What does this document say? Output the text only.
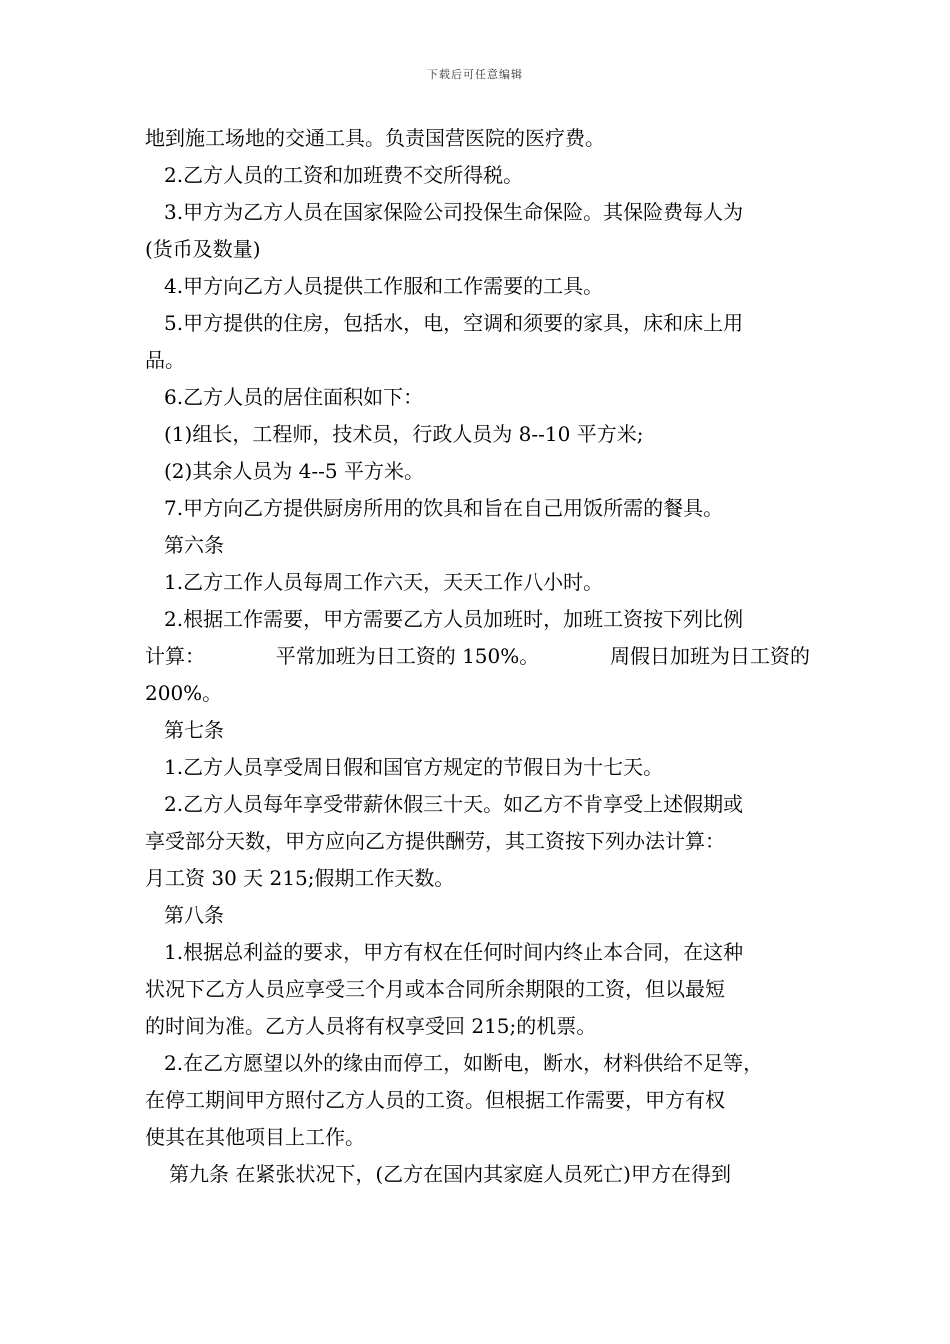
下载后可任意编辑
地到施工场地的交通工具。负责国营医院的医疗费。
2.乙方人员的工资和加班费不交所得税。
3.甲方为乙方人员在国家保险公司投保生命保险。其保险费每人为
(货币及数量)
4.甲方向乙方人员提供工作服和工作需要的工具。
5.甲方提供的住房，包括水，电，空调和须要的家具，床和床上用
品。
6.乙方人员的居住面积如下：
(1)组长，工程师，技术员，行政人员为 8--10 平方米;
(2)其余人员为 4--5 平方米。
7.甲方向乙方提供厨房所用的饮具和旨在自己用饭所需的餐具。
第六条
1.乙方工作人员每周工作六天，天天工作八小时。
2.根据工作需要，甲方需要乙方人员加班时，加班工资按下列比例
计算：	平常加班为日工资的 150%。	周假日加班为日工资的
200%。
第七条
1.乙方人员享受周日假和国官方规定的节假日为十七天。
2.乙方人员每年享受带薪休假三十天。如乙方不肯享受上述假期或
享受部分天数，甲方应向乙方提供酬劳，其工资按下列办法计算：
月工资 30 天 215;假期工作天数。
第八条
1.根据总利益的要求，甲方有权在任何时间内终止本合同，在这种
状况下乙方人员应享受三个月或本合同所余期限的工资，但以最短
的时间为准。乙方人员将有权享受回 215;的机票。
2.在乙方愿望以外的缘由而停工，如断电，断水，材料供给不足等，
在停工期间甲方照付乙方人员的工资。但根据工作需要，甲方有权
使其在其他项目上工作。
第九条 在紧张状况下，(乙方在国内其家庭人员死亡)甲方在得到
